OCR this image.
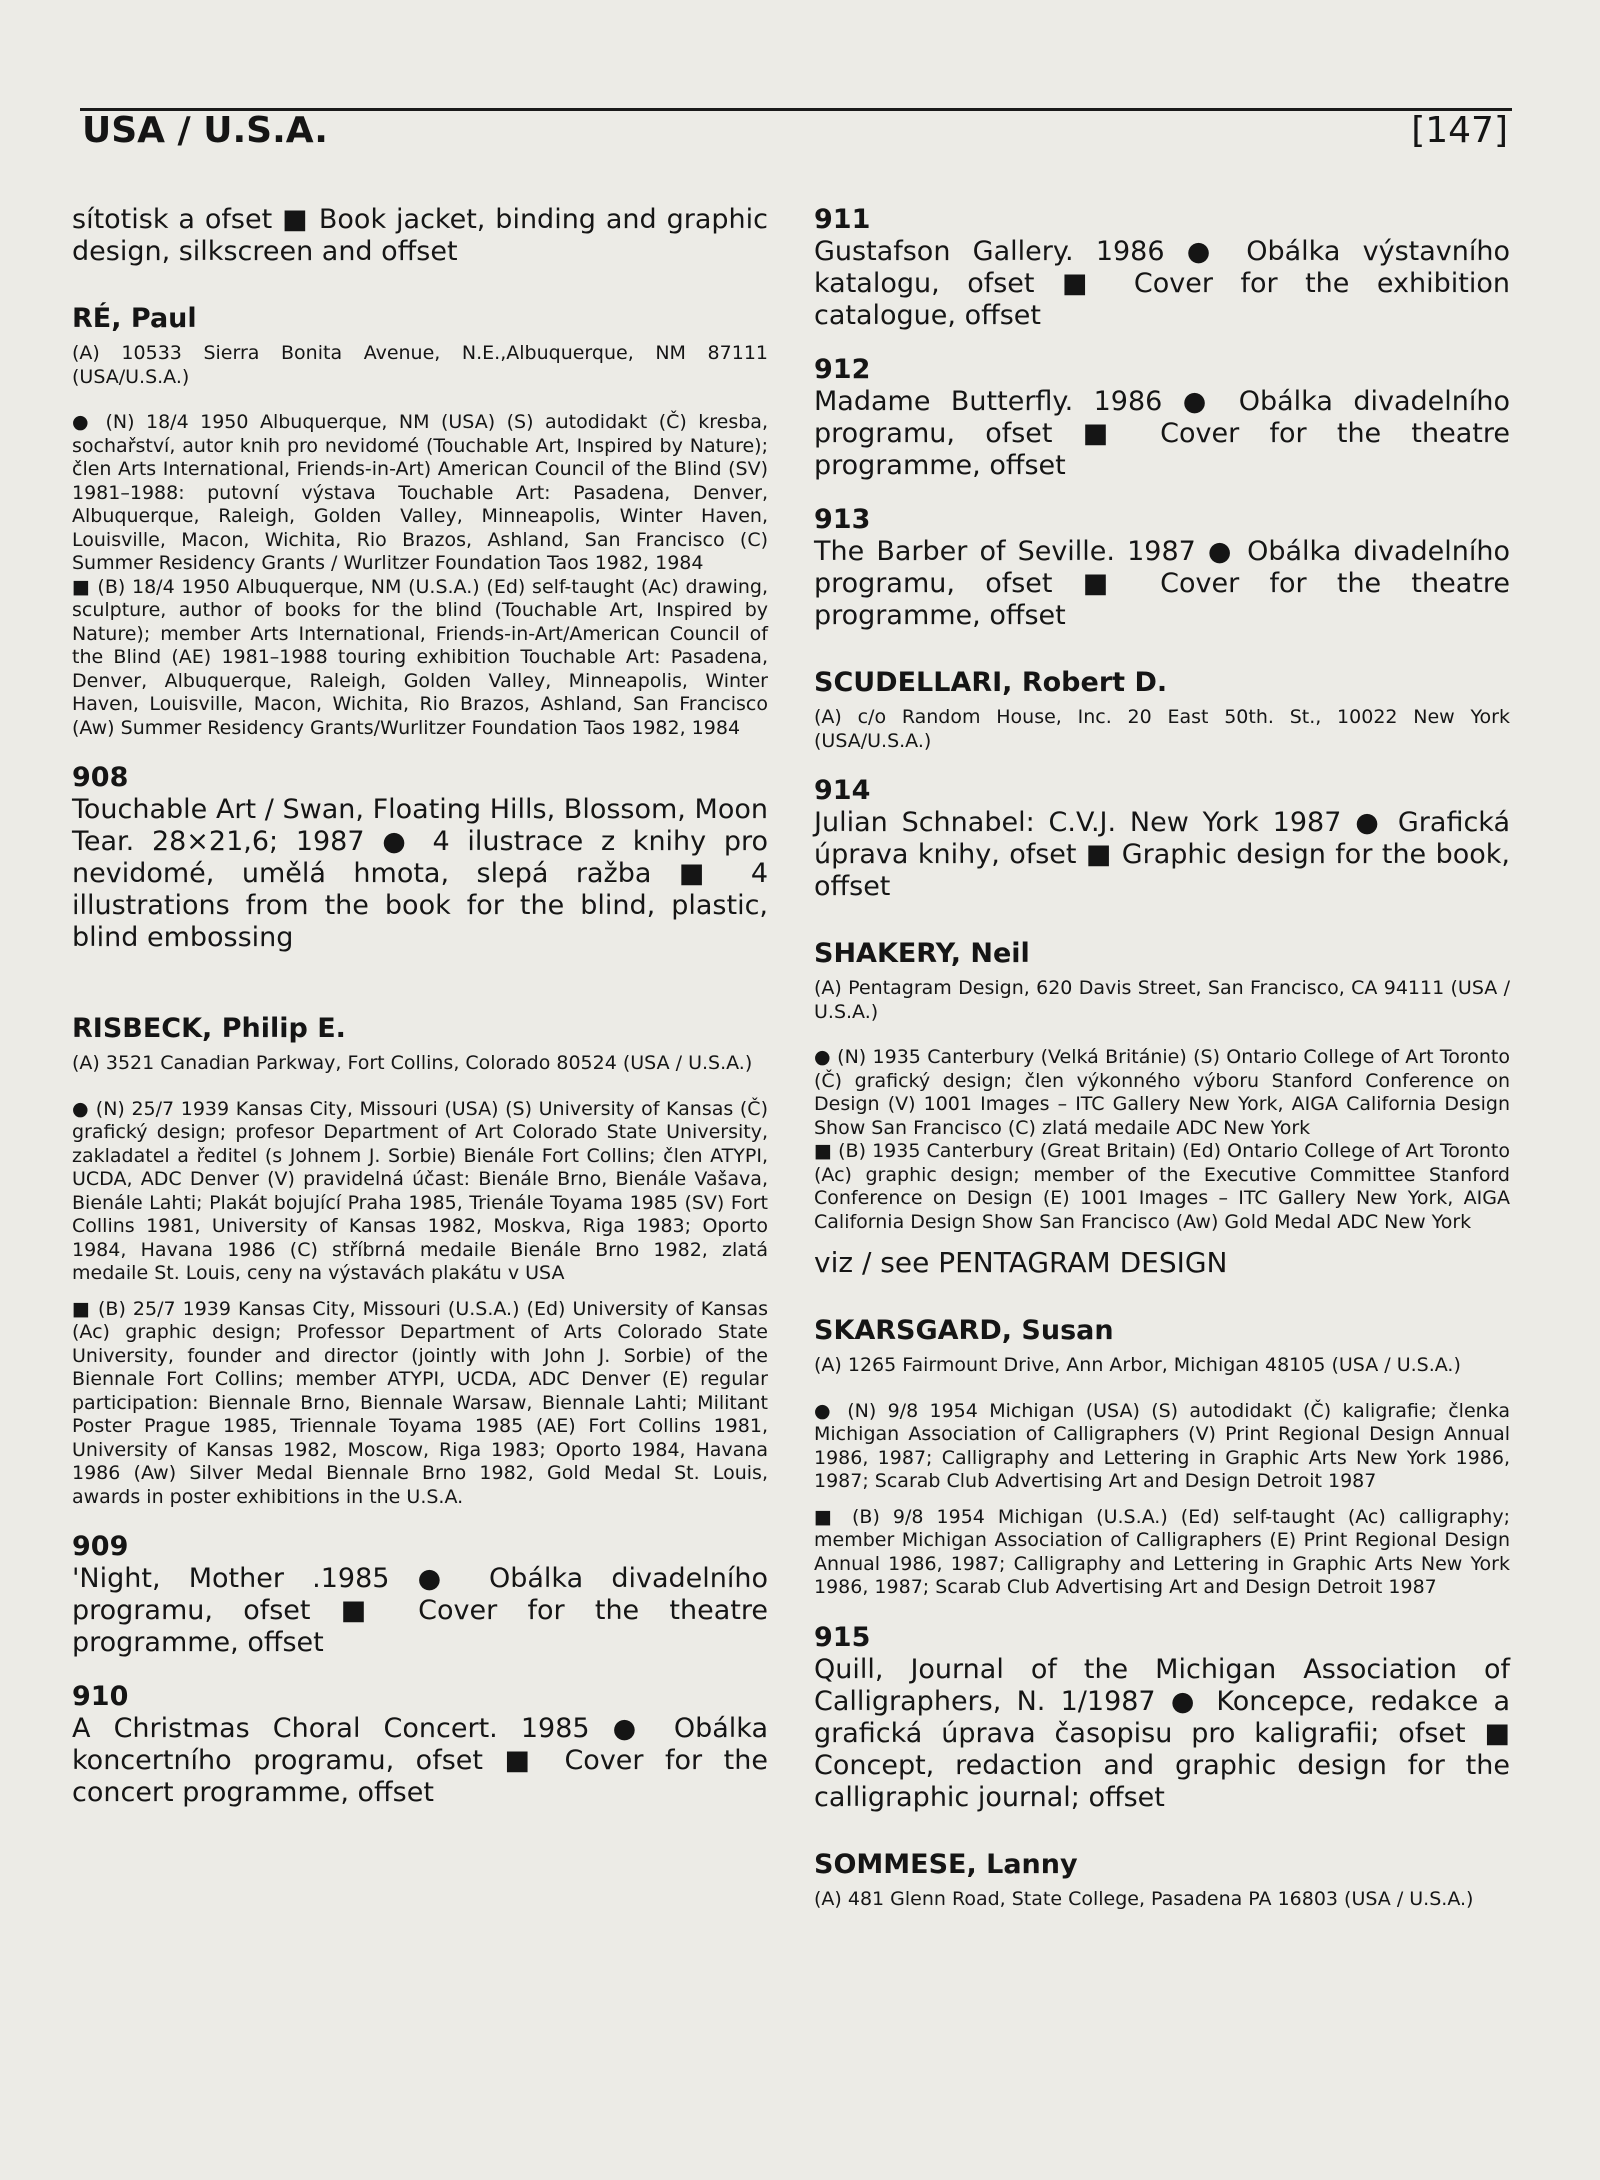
USA / U.S.A.	[147]

sítotisk a ofset ■ Book jacket, binding and graphic design, silkscreen and offset

RÉ, Paul

(A) 10533 Sierra Bonita Avenue, N.E.,Albuquerque, NM 87111 (USA/U.S.A.)

● (N) 18/4 1950 Albuquerque, NM (USA) (S) autodidakt (Č) kresba, sochařství, autor knih pro nevidomé (Touchable Art, Inspired by Nature); člen Arts International, Friends-in-Art) American Council of the Blind (SV) 1981–1988: putovní výstava Touchable Art: Pasadena, Denver, Albuquerque, Raleigh, Golden Valley, Minneapolis, Winter Haven, Louisville, Macon, Wichita, Rio Brazos, Ashland, San Francisco (C) Summer Residency Grants / Wurlitzer Foundation Taos 1982, 1984

■ (B) 18/4 1950 Albuquerque, NM (U.S.A.) (Ed) self-taught (Ac) drawing, sculpture, author of books for the blind (Touchable Art, Inspired by Nature); member Arts International, Friends-in-Art/American Council of the Blind (AE) 1981–1988 touring exhibition Touchable Art: Pasadena, Denver, Albuquerque, Raleigh, Golden Valley, Minneapolis, Winter Haven, Louisville, Macon, Wichita, Rio Brazos, Ashland, San Francisco (Aw) Summer Residency Grants/Wurlitzer Foundation Taos 1982, 1984

908

Touchable Art / Swan, Floating Hills, Blossom, Moon Tear. 28×21,6; 1987 ● 4 ilustrace z knihy pro nevidomé, umělá hmota, slepá ražba ■ 4 illustrations from the book for the blind, plastic, blind embossing

RISBECK, Philip E.

(A) 3521 Canadian Parkway, Fort Collins, Colorado 80524 (USA / U.S.A.)

● (N) 25/7 1939 Kansas City, Missouri (USA) (S) University of Kansas (Č) grafický design; profesor Department of Art Colorado State University, zakladatel a ředitel (s Johnem J. Sorbie) Bienále Fort Collins; člen ATYPI, UCDA, ADC Denver (V) pravidelná účast: Bienále Brno, Bienále Vašava, Bienále Lahti; Plakát bojující Praha 1985, Trienále Toyama 1985 (SV) Fort Collins 1981, University of Kansas 1982, Moskva, Riga 1983; Oporto 1984, Havana 1986 (C) stříbrná medaile Bienále Brno 1982, zlatá medaile St. Louis, ceny na výstavách plakátu v USA

■ (B) 25/7 1939 Kansas City, Missouri (U.S.A.) (Ed) University of Kansas (Ac) graphic design; Professor Department of Arts Colorado State University, founder and director (jointly with John J. Sorbie) of the Biennale Fort Collins; member ATYPI, UCDA, ADC Denver (E) regular participation: Biennale Brno, Biennale Warsaw, Biennale Lahti; Militant Poster Prague 1985, Triennale Toyama 1985 (AE) Fort Collins 1981, University of Kansas 1982, Moscow, Riga 1983; Oporto 1984, Havana 1986 (Aw) Silver Medal Biennale Brno 1982, Gold Medal St. Louis, awards in poster exhibitions in the U.S.A.

909

'Night, Mother .1985 ● Obálka divadelního programu, ofset ■ Cover for the theatre programme, offset

910

A Christmas Choral Concert. 1985 ● Obálka koncertního programu, ofset ■ Cover for the concert programme, offset

911

Gustafson Gallery. 1986 ● Obálka výstavního katalogu, ofset ■ Cover for the exhibition catalogue, offset

912

Madame Butterfly. 1986 ● Obálka divadelního programu, ofset ■ Cover for the theatre programme, offset

913

The Barber of Seville. 1987 ● Obálka divadelního programu, ofset ■ Cover for the theatre programme, offset

SCUDELLARI, Robert D.

(A) c/o Random House, Inc. 20 East 50th. St., 10022 New York (USA/U.S.A.)

914

Julian Schnabel: C.V.J. New York 1987 ● Grafická úprava knihy, ofset ■ Graphic design for the book, offset

SHAKERY, Neil

(A) Pentagram Design, 620 Davis Street, San Francisco, CA 94111 (USA / U.S.A.)

● (N) 1935 Canterbury (Velká Británie) (S) Ontario College of Art Toronto (Č) grafický design; člen výkonného výboru Stanford Conference on Design (V) 1001 Images – ITC Gallery New York, AIGA California Design Show San Francisco (C) zlatá medaile ADC New York

■ (B) 1935 Canterbury (Great Britain) (Ed) Ontario College of Art Toronto (Ac) graphic design; member of the Executive Committee Stanford Conference on Design (E) 1001 Images – ITC Gallery New York, AIGA California Design Show San Francisco (Aw) Gold Medal ADC New York

viz / see PENTAGRAM DESIGN

SKARSGARD, Susan

(A) 1265 Fairmount Drive, Ann Arbor, Michigan 48105 (USA / U.S.A.)

● (N) 9/8 1954 Michigan (USA) (S) autodidakt (Č) kaligrafie; členka Michigan Association of Calligraphers (V) Print Regional Design Annual 1986, 1987; Calligraphy and Lettering in Graphic Arts New York 1986, 1987; Scarab Club Advertising Art and Design Detroit 1987

■ (B) 9/8 1954 Michigan (U.S.A.) (Ed) self-taught (Ac) calligraphy; member Michigan Association of Calligraphers (E) Print Regional Design Annual 1986, 1987; Calligraphy and Lettering in Graphic Arts New York 1986, 1987; Scarab Club Advertising Art and Design Detroit 1987

915

Quill, Journal of the Michigan Association of Calligraphers, N. 1/1987 ● Koncepce, redakce a grafická úprava časopisu pro kaligrafii; ofset ■ Concept, redaction and graphic design for the calligraphic journal; offset

SOMMESE, Lanny

(A) 481 Glenn Road, State College, Pasadena PA 16803 (USA / U.S.A.)
